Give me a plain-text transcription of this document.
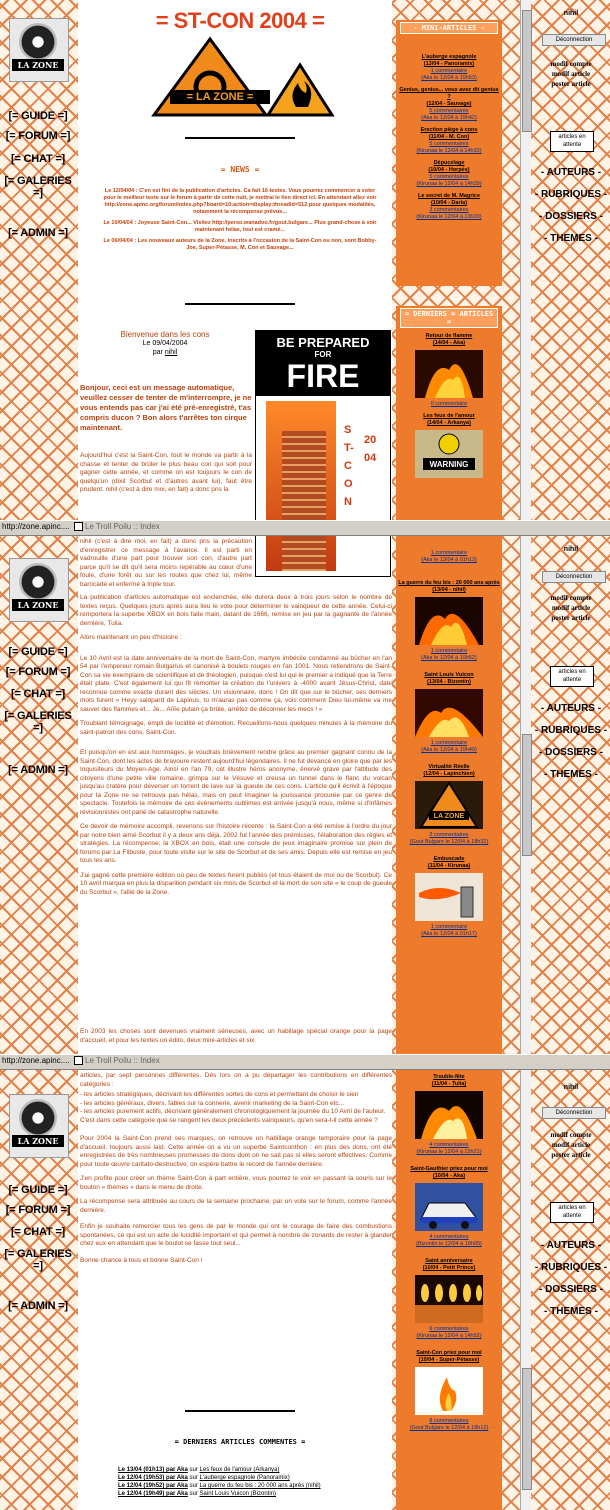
http://zone.apinc....	Le Troll Poilu :: Index
http://zone.apinc....	Le Troll Poilu :: Index
LA ZONE
[= GUIDE =]
[= FORUM =]
[= CHAT =]
[= GALERIES =]
[= ADMIN =]
LA ZONE
[= GUIDE =]
[= FORUM =]
[= CHAT =]
[= GALERIES =]
[= ADMIN =]
LA ZONE
[= GUIDE =]
[= FORUM =]
[= CHAT =]
[= GALERIES =]
[= ADMIN =]
nihil
Déconnection
modif compte
modif article
poster article
articles en attente
- AUTEURS -
- RUBRIQUES -
- DOSSIERS -
- THEMES -
nihil
Déconnection
modif compte
modif article
poster article
articles en attente
- AUTEURS -
- RUBRIQUES -
- DOSSIERS -
- THEMES -
nihil
Déconnection
modif compte
modif article
poster article
articles en attente
- AUTEURS -
- RUBRIQUES -
- DOSSIERS -
- THEMES -
= ST-CON 2004 =
= LA ZONE =
= NEWS =

Le 12/04/04 : C'en est fini de la publication d'articles. Ca fait 16 textes. Vous pourrez commencer à voter pour le meilleur texte sur le forum à partir de cette nuit, je mettrai le lien direct ici. En attendant allez voir http://zone.apinc.org/forum/index.php?board=10;action=display;threadid=512 pour quelques modalités, notamment la récompense prévue...

Le 10/04/04 : Joyeuse Saint-Con... Visitez http://perso.wanadoo.fr/gout.bulgare... Plus grand-chose à voir maintenant hélas, tout est cramé...

Le 06/04/04 : Les nouveaux auteurs de la Zone, inscrits à l'occasion de la Saint-Con ou non, sont Bobby-Joe, Super-Pétasse, M. Con et Sauvage...

Bienvenue dans les cons
Le 09/04/2004
par nihil
BE PREPARED
FOR
FIRE
ST-CON
2004

Bonjour, ceci est un message automatique, veuillez cesser de tenter de m'interrompre, je ne vous entends pas car j'ai été pré-enregistré, t'as compris ducon ? Bon alors t'arrêtes ton cirque maintenant.

Aujourd'hui c'est la Saint-Con, tout le monde va partir à la chasse et tenter de brûler le plus beau con qui soit pour gagner cette année, et comme on est toujours le con de quelqu'un (dixit Scorbut et d'autres avant lui), faut être prudent. nihil (c'est à dire moi, en fait) a donc pris la

nihil (c'est à dire moi, en fait) a donc pris la précaution d'enregistrer ce message à l'avance. Il est parti en vadrouille d'une part pour trouver son con, d'autre part parce qu'il se dit qu'il sera moins repérable au cœur d'une foule, d'une forêt ou sur les routes que chez lui, même barricadé et enfermé à triple tour.

La publication d'articles automatique est enclenchée, elle durera deux à trois jours selon le nombre de textes reçus. Quelques jours après aura lieu le vote pour déterminer le vainqueur de cette année. Celui-ci remportera la superbe XBOX en bois faite main, datant de 1666, remise en jeu par la gagnante de l'année dernière, Tulia.

Alors maintenant un peu d'histoire :

Le 10 Avril est la date anniversaire de la mort de Saint-Con, martyre imbécile condamné au bûcher en l'an 54 par l'empereur romain Bulgarius et canonisé à boulets rouges en l'an 1001. Nous retiendrons de Saint-Con sa vie exemplaire de scientifique et de théologien, puisque c'est lui qui le premier a indiqué que la Terre était plate. C'est également lui qui fit remonter la création de l'univers à -4000 avant Jésus-Christ, date reconnue comme exacte durant des siècles. Un visionnaire, donc ! On dit que sur le bûcher, ses derniers mots furent « Heyy salopard de Lapinus, tu m'auras pas comme ça, vois comment Dieu lui-même va me sauver des flammes et... Je... Aïïïe putain ça brûle, arrêtez de déconner les mecs ! »

Troublant témoignage, empli de lucidité et d'émotion. Recueillons-nous quelques minutes à la mémoire du saint-patron des cons, Saint-Con.

Et puisqu'on en est aux hommages, je voudrais brièvement rendre grâce au premier gagnant connu de la Saint-Con, dont les actes de bravoure restent aujourd'hui légendaires. Il ne fut devancé en gloire que par les Inquisiteurs du Moyen-Age. Ainsi en l'an 79, cet illustre héros anonyme, énervé grave par l'attitude des citoyens d'une petite ville romaine, grimpa sur le Vésuve et creusa un tunnel dans le flanc du volcan jusqu'au cratère pour déverser un torrent de lave sur la gueule de ces cons. L'article qu'il écrivit à l'époque pour la Zone ne se retrouva pas hélas, mais on peut imaginer la jouissance procurée par ce genre de spectacle. Toutefois la mémoire de ces évènements sublimes est arrivée jusqu'à nous, même si d'infâmes révisionnistes ont parlé de catastrophe naturelle.

Ce devoir de mémoire accompli, revenons sur l'histoire récente : la Saint-Con a été remise à l'ordre du jour par notre bien aimé Scorbut il y a deux ans déjà. 2002 fut l'année des prémisses, l'élaboration des règles et stratégies. La récompense, la XBOX en bois, était une console de jeux imaginaire promise sur plein de forums par La Flibuste, pour toute visite sur le site de Scorbut et de ses amis. Depuis elle est remise en jeu tous les ans.

J'ai gagné cette première édition où peu de textes furent publiés (et tous étaient de moi ou de Scorbut). Ce 10 avril marqua en plus la disparition pendant six mois de Scorbut et la mort de son site « le coup de gueule du Scorbut », l'allié de la Zone.

En 2003 les choses sont devenues vraiment sérieuses, avec un habillage spécial orange pour la page d'accueil, et pour les textes un édito, deux mini-articles et six

articles, par sept personnes différentes. Dès lors on a pu départager les contributions en différentes catégories :

- les articles stratégiques, décrivant les différentes sortes de cons et permettant de choisir le sien
- les articles généraux, divers, fables sur la connerie, avenir marketing de la Saint-Con etc...
- les articles purement actifs, décrivant généralement chronologiquement la journée du 10 Avril de l'auteur. C'est dans cette catégorie que se rangent les deux précédents vainqueurs, qu'en sera-t-il cette année ?

Pour 2004 la Saint-Con prend ses marques, on retrouve un habillage orange temporaire pour la page d'accueil, toujours aussi laid. Cette année on a vu un superbe Saintconthon : en plus des dons, ont été enregistrées de très nombreuses promesses de dons dont on ne sait pas si elles seront effectives. Comme pour toute œuvre caritato-destructive, on espère battre le record de l'année dernière.

J'en profite pour créer un thème Saint-Con à part entière, vous pourrez le voir en passant la souris sur le bouton « thèmes » dans le menu de droite.

La récompense sera attribuée au cours de la semaine prochaine, par un vote sur le forum, comme l'année dernière.

Enfin je souhaite remercier tous les gens de par le monde qui ont le courage de faire des combustions spontanées, ce qui est un acte de lucidité important et qui permet à nombre de zonards de rester à glander chez eux en attendant que le boulot se fasse tout seul...

Bonne chance à tous et bonne Saint-Con !

= DERNIERS ARTICLES COMMENTES =
Le 13/04 (01h13) par Aka sur Les feux de l'amour (Arkanya)
Le 12/04 (19h53) par Aka sur L'auberge espagnole (Panoramix)
Le 12/04 (19h52) par Aka sur La guerre du feu bis : 20 000 ans après (nihil)
Le 12/04 (19h49) par Aka sur Saint Louis Vuicon (Bizontin)
- MINI-ARTICLES -
L'auberge espagnole
(13/04 - Panoramix)
1 commentaire
(Aka le 12/04 à 19h53)
Genius, genius... vous avez dit genius ?
(12/04 - Sauvage)
5 commentaires
(Aka le 12/04 à 19h42)
Erection piège à cons
(11/04 - M. Con)
5 commentaires
(Kirunaa le 12/04 à 14h33)
Dépucelage
(10/04 - Horpès)
5 commentaires
(Kirunaa le 12/04 à 14h39)
Le secret de M. Magrice
(10/04 - Daria)
3 commentaires
(Kirunaa le 12/04 à 13h20)
= DERNIERS = ARTICLES =
Retour de flamme
(14/04 - Aka)
0 commentaire
Les feux de l'amour
(14/04 - Arkanya)
WARNING
1 commentaire
(Aka le 13/04 à 01h13)
La guerre du feu bis : 20 000 ans après
(13/04 - nihil)
1 commentaire
(Aka le 12/04 à 19h52)
Saint Louis Vuicon
(13/04 - Bizontin)
1 commentaire
(Aka le 12/04 à 19h49)
Virtualité Réelle
(12/04 - Lapinchien)
LA ZONE
2 commentaires
(Gout Bulgare le 12/04 à 18h32)
Embuscade
(11/04 - Kirunaa)
1 commentaire
(Aka le 12/04 à 01h17)
Trouble-fête
(11/04 - Tulia)
4 commentaires
(Kirunaa le 12/04 à 15h21)
Saint-Gauthier priez pour moi
(10/04 - Aka)
4 commentaires
(Bizontin le 12/04 à 16h05)
Saint anniversaire
(10/04 - Petit Prince)
6 commentaires
(Kirunaa le 12/04 à 14h52)
Saint-Con priez pour moi
(10/04 - Super-Pétasse)
8 commentaires
(Gout Bulgare le 12/04 à 18h12)
